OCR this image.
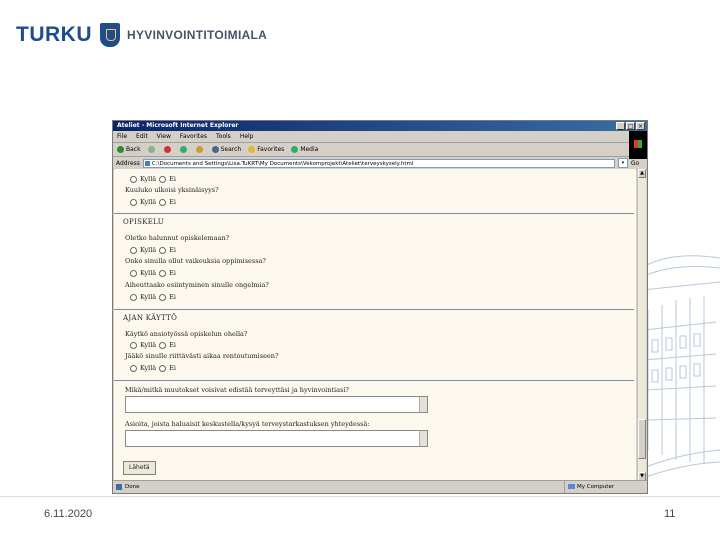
TURKU	HYVINVOINTITOIMIALA
Ateliet - Microsoft Internet Explorer	_ □ ×
File Edit View Favorites Tools Help
Back	Search	Favorites	Media
Address	C:\Documents and Settings\Lisa.TuKRT\My Documents\Vekomprojekt\Ateliet\terveyskysely.html	▾	Go
Kyllä Ei
Kuuluko ulkoisi yksinäisyys?
Kyllä Ei
OPISKELU
Oletko halunnut opiskelemaan?
Kyllä Ei
Onko sinulla ollut vaikeuksia oppimisessa?
Kyllä Ei
Aiheuttaako esiintyminen sinulle ongelmia?
Kyllä Ei
AJAN KÄYTTÖ
Käytkö ansiotyössä opiskelun ohella?
Kyllä Ei
Jääkö sinulle riittävästi aikaa rentoutumiseen?
Kyllä Ei
Mikä/mitkä muutokset voisivat edistää terveyttäsi ja hyvinvointiasi?
Asioita, joista haluaisit keskustella/kysyä terveystarkastuksen yhteydessä:
Lähetä
▲
▼
Done	My Computer
6.11.2020	11
